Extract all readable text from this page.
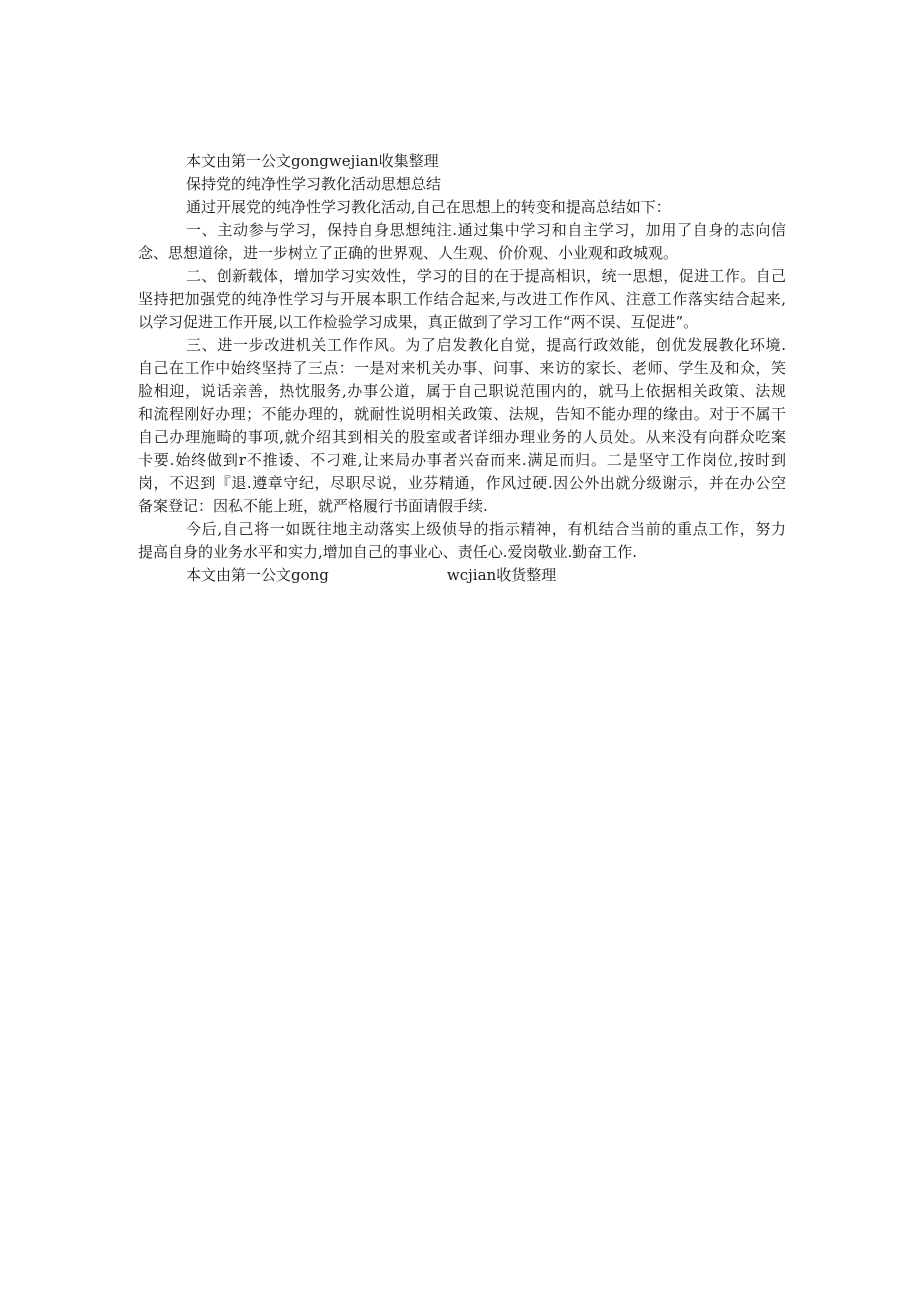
本文由第一公文gongwejian收集整理
保持党的纯净性学习教化活动思想总结
通过开展党的纯净性学习教化活动,自己在思想上的转变和提高总结如下：
一、主动参与学习，保持自身思想纯注.通过集中学习和自主学习，加用了自身的志向信
念、思想道徐，进一步树立了正确的世界观、人生观、价价观、小业观和政城观。
二、创新载体，增加学习实效性，学习的目的在于提高相识，统一思想，促进工作。自己
坚持把加强党的纯净性学习与开展本职工作结合起来,与改进工作作风、注意工作落实结合起来,
以学习促进工作开展,以工作检验学习成果，真正做到了学习工作“两不误、互促进”。
三、进一步改进机关工作作风。为了启发教化自觉，提高行政效能，创优发展教化环境.
自己在工作中始终坚持了三点：一是对来机关办事、问事、来访的家长、老师、学生及和众，笑
脸相迎，说话亲善，热忱服务,办事公道，属于自己职说范围内的，就马上依据相关政策、法规
和流程刚好办理；不能办理的，就耐性说明相关政策、法规，告知不能办理的缘由。对于不属干
自己办理施畸的事项,就介绍其到相关的股室或者详细办理业务的人员处。从来没有向群众吃案
卡要.始终做到r不推诿、不刁难,让来局办事者兴奋而来.满足而归。二是坚守工作岗位,按时到
岗，不迟到『退.遵章守纪，尽职尽说，业芬精通，作风过硬.因公外出就分级谢示，并在办公空
备案登记：因私不能上班，就严格履行书面请假手续.
今后,自己将一如既往地主动落实上级侦导的指示精神，有机结合当前的重点工作，努力
提高自身的业务水平和实力,增加自己的事业心、责任心.爱岗敬业.勤奋工作.
本文由第一公文gong	wcjian收货整理
